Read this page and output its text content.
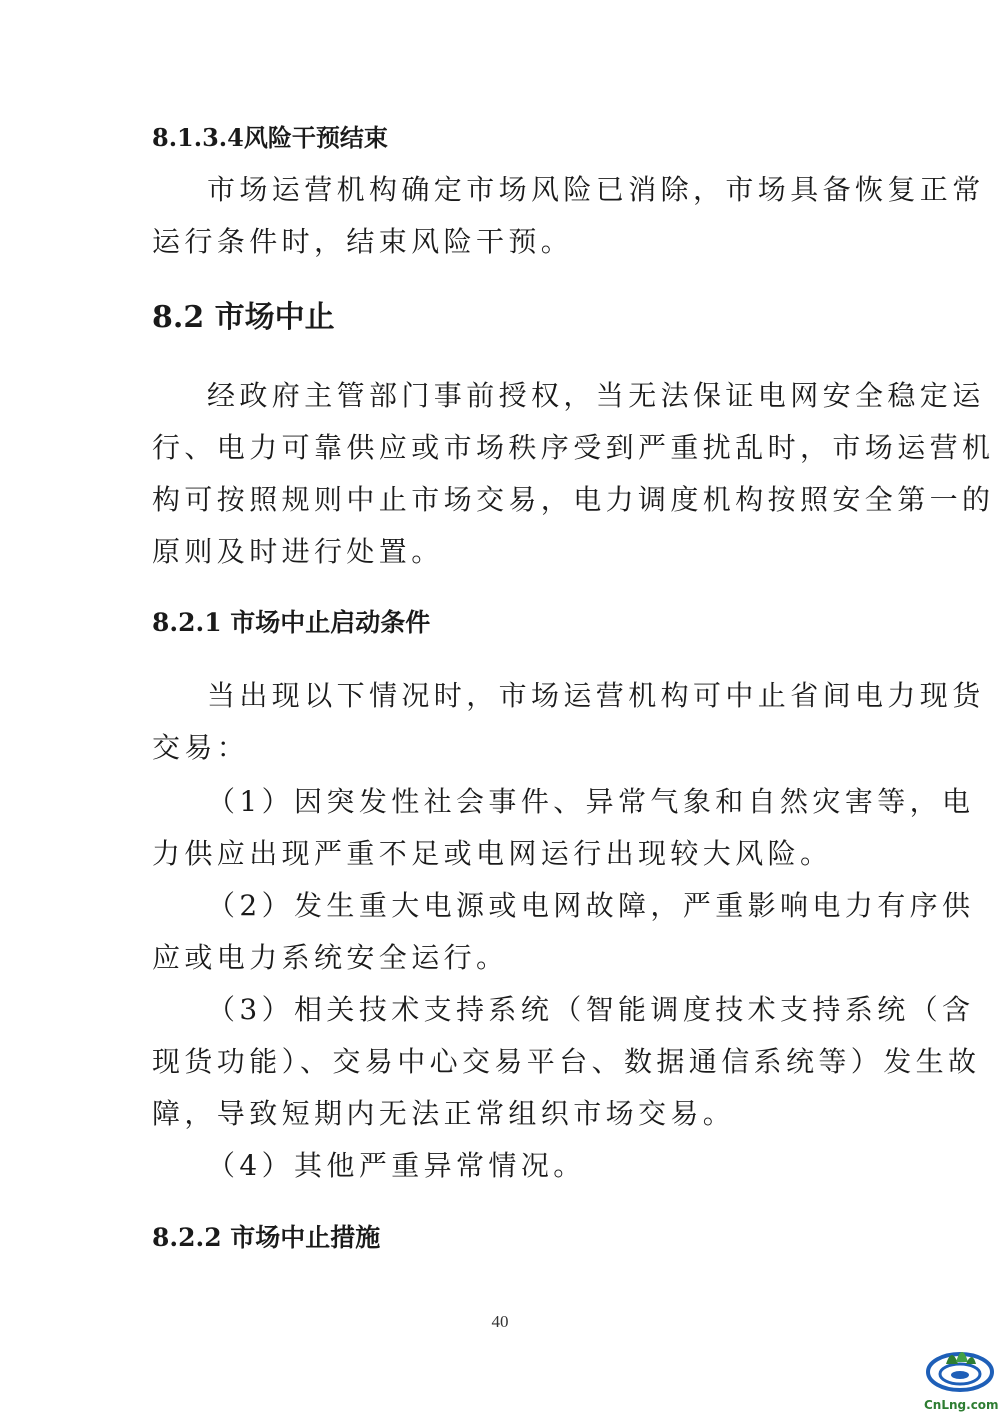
8.1.3.4风险干预结束
市场运营机构确定市场风险已消除，市场具备恢复正常
运行条件时，结束风险干预。
8.2 市场中止
经政府主管部门事前授权，当无法保证电网安全稳定运
行、电力可靠供应或市场秩序受到严重扰乱时，市场运营机
构可按照规则中止市场交易，电力调度机构按照安全第一的
原则及时进行处置。
8.2.1 市场中止启动条件
当出现以下情况时，市场运营机构可中止省间电力现货
交易：
（1）因突发性社会事件、异常气象和自然灾害等，电
力供应出现严重不足或电网运行出现较大风险。
（2）发生重大电源或电网故障，严重影响电力有序供
应或电力系统安全运行。
（3）相关技术支持系统（智能调度技术支持系统（含
现货功能）、交易中心交易平台、数据通信系统等）发生故
障，导致短期内无法正常组织市场交易。
（4）其他严重异常情况。
8.2.2 市场中止措施
40
CnLng.com
